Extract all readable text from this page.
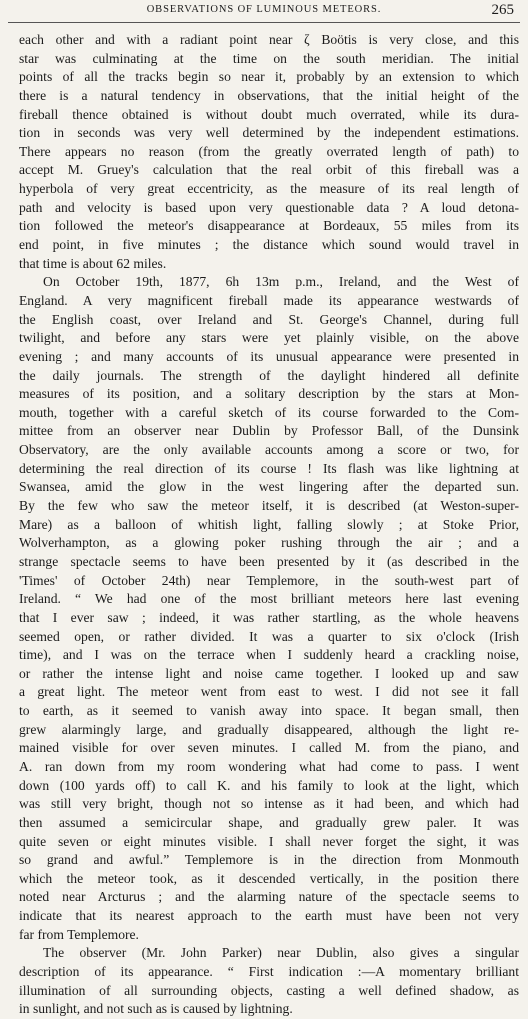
OBSERVATIONS OF LUMINOUS METEORS.	265
each other and with a radiant point near ζ Boötis is very close, and this
star was culminating at the time on the south meridian. The initial
points of all the tracks begin so near it, probably by an extension to which
there is a natural tendency in observations, that the initial height of the
fireball thence obtained is without doubt much overrated, while its dura-
tion in seconds was very well determined by the independent estimations.
There appears no reason (from the greatly overrated length of path) to
accept M. Gruey's calculation that the real orbit of this fireball was a
hyperbola of very great eccentricity, as the measure of its real length of
path and velocity is based upon very questionable data ? A loud detona-
tion followed the meteor's disappearance at Bordeaux, 55 miles from its
end point, in five minutes ; the distance which sound would travel in
that time is about 62 miles.
On October 19th, 1877, 6h 13m p.m., Ireland, and the West of
England. A very magnificent fireball made its appearance westwards of
the English coast, over Ireland and St. George's Channel, during full
twilight, and before any stars were yet plainly visible, on the above
evening ; and many accounts of its unusual appearance were presented in
the daily journals. The strength of the daylight hindered all definite
measures of its position, and a solitary description by the stars at Mon-
mouth, together with a careful sketch of its course forwarded to the Com-
mittee from an observer near Dublin by Professor Ball, of the Dunsink
Observatory, are the only available accounts among a score or two, for
determining the real direction of its course ! Its flash was like lightning at
Swansea, amid the glow in the west lingering after the departed sun.
By the few who saw the meteor itself, it is described (at Weston-super-
Mare) as a balloon of whitish light, falling slowly ; at Stoke Prior,
Wolverhampton, as a glowing poker rushing through the air ; and a
strange spectacle seems to have been presented by it (as described in the
'Times' of October 24th) near Templemore, in the south-west part of
Ireland. “ We had one of the most brilliant meteors here last evening
that I ever saw ; indeed, it was rather startling, as the whole heavens
seemed open, or rather divided. It was a quarter to six o'clock (Irish
time), and I was on the terrace when I suddenly heard a crackling noise,
or rather the intense light and noise came together. I looked up and saw
a great light. The meteor went from east to west. I did not see it fall
to earth, as it seemed to vanish away into space. It began small, then
grew alarmingly large, and gradually disappeared, although the light re-
mained visible for over seven minutes. I called M. from the piano, and
A. ran down from my room wondering what had come to pass. I went
down (100 yards off) to call K. and his family to look at the light, which
was still very bright, though not so intense as it had been, and which had
then assumed a semicircular shape, and gradually grew paler. It was
quite seven or eight minutes visible. I shall never forget the sight, it was
so grand and awful.” Templemore is in the direction from Monmouth
which the meteor took, as it descended vertically, in the position there
noted near Arcturus ; and the alarming nature of the spectacle seems to
indicate that its nearest approach to the earth must have been not very
far from Templemore.
The observer (Mr. John Parker) near Dublin, also gives a singular
description of its appearance. “ First indication :—A momentary brilliant
illumination of all surrounding objects, casting a well defined shadow, as
in sunlight, and not such as is caused by lightning.
